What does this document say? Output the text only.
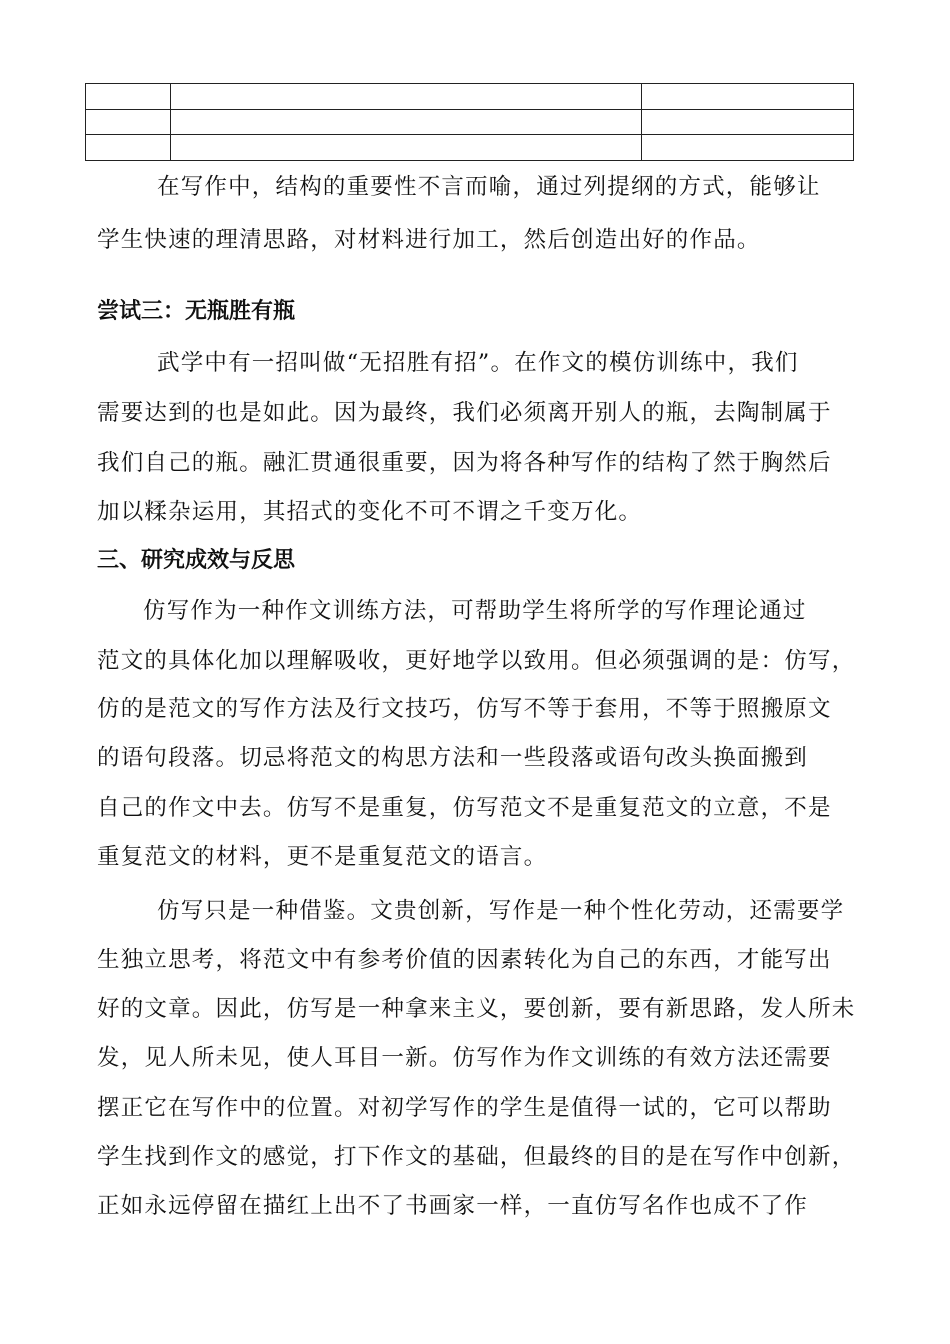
在写作中，结构的重要性不言而喻，通过列提纲的方式，能够让
学生快速的理清思路，对材料进行加工，然后创造出好的作品。
尝试三：无瓶胜有瓶
武学中有一招叫做“无招胜有招”。在作文的模仿训练中，我们
需要达到的也是如此。因为最终，我们必须离开别人的瓶，去陶制属于
我们自己的瓶。融汇贯通很重要，因为将各种写作的结构了然于胸然后
加以糅杂运用，其招式的变化不可不谓之千变万化。
三、研究成效与反思
仿写作为一种作文训练方法，可帮助学生将所学的写作理论通过
范文的具体化加以理解吸收，更好地学以致用。但必须强调的是：仿写，
仿的是范文的写作方法及行文技巧，仿写不等于套用，不等于照搬原文
的语句段落。切忌将范文的构思方法和一些段落或语句改头换面搬到
自己的作文中去。仿写不是重复，仿写范文不是重复范文的立意，不是
重复范文的材料，更不是重复范文的语言。
仿写只是一种借鉴。文贵创新，写作是一种个性化劳动，还需要学
生独立思考，将范文中有参考价值的因素转化为自己的东西，才能写出
好的文章。因此，仿写是一种拿来主义，要创新，要有新思路，发人所未
发，见人所未见，使人耳目一新。仿写作为作文训练的有效方法还需要
摆正它在写作中的位置。对初学写作的学生是值得一试的，它可以帮助
学生找到作文的感觉，打下作文的基础，但最终的目的是在写作中创新，
正如永远停留在描红上出不了书画家一样，一直仿写名作也成不了作
